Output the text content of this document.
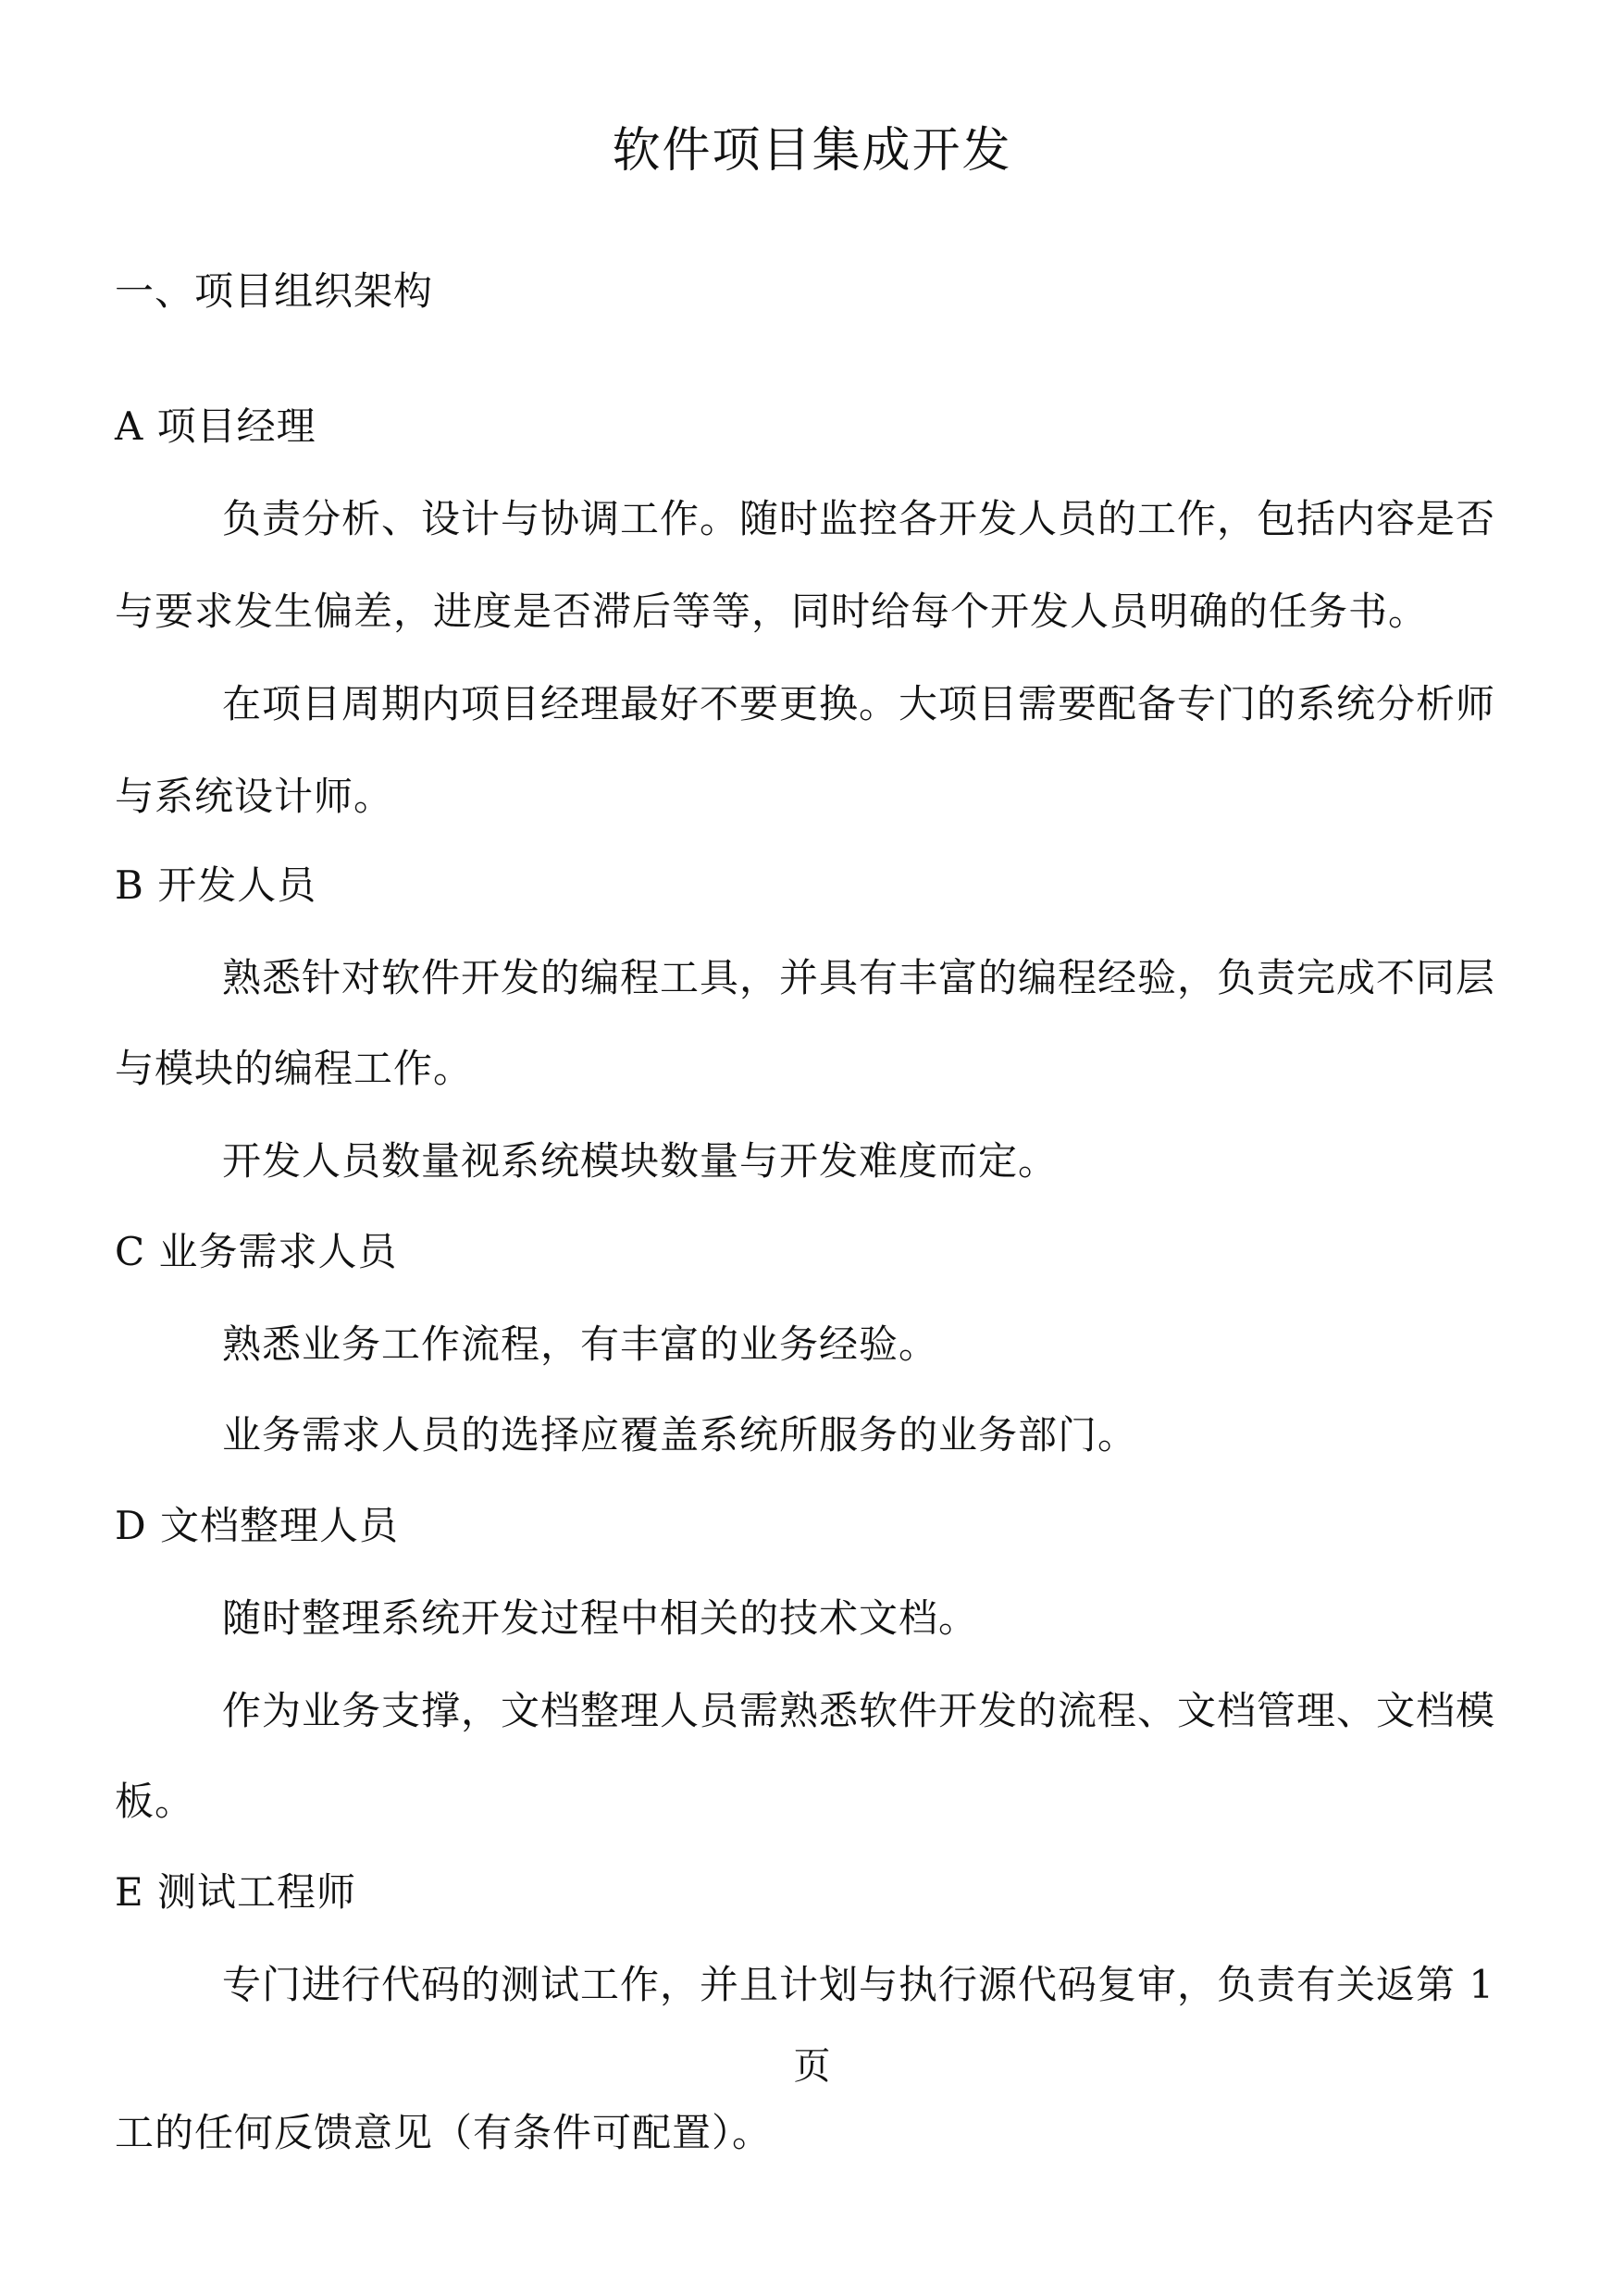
软件项目集成开发
一、项目组织架构
A 项目经理
负责分析、设计与协调工作。随时监控各开发人员的工作，包括内容是否
与要求发生偏差，进度是否滞后等等，同时给每个开发人员明确的任务书。
在项目周期内项目经理最好不要更换。大项目需要配备专门的系统分析师
与系统设计师。
B 开发人员
熟悉针对软件开发的编程工具，并具有丰富的编程经验，负责完成不同层
与模块的编程工作。
开发人员数量视系统模块数量与开发难度而定。
C 业务需求人员
熟悉业务工作流程，有丰富的业务经验。
业务需求人员的选择应覆盖系统所服务的业务部门。
D 文档整理人员
随时整理系统开发过程中相关的技术文档。
作为业务支撑，文档整理人员需熟悉软件开发的流程、文档管理、文档模
板。
E 测试工程师
专门进行代码的测试工作，并且计划与执行源代码复审，负责有关返第 1
页
工的任何反馈意见（有条件可配置）。
